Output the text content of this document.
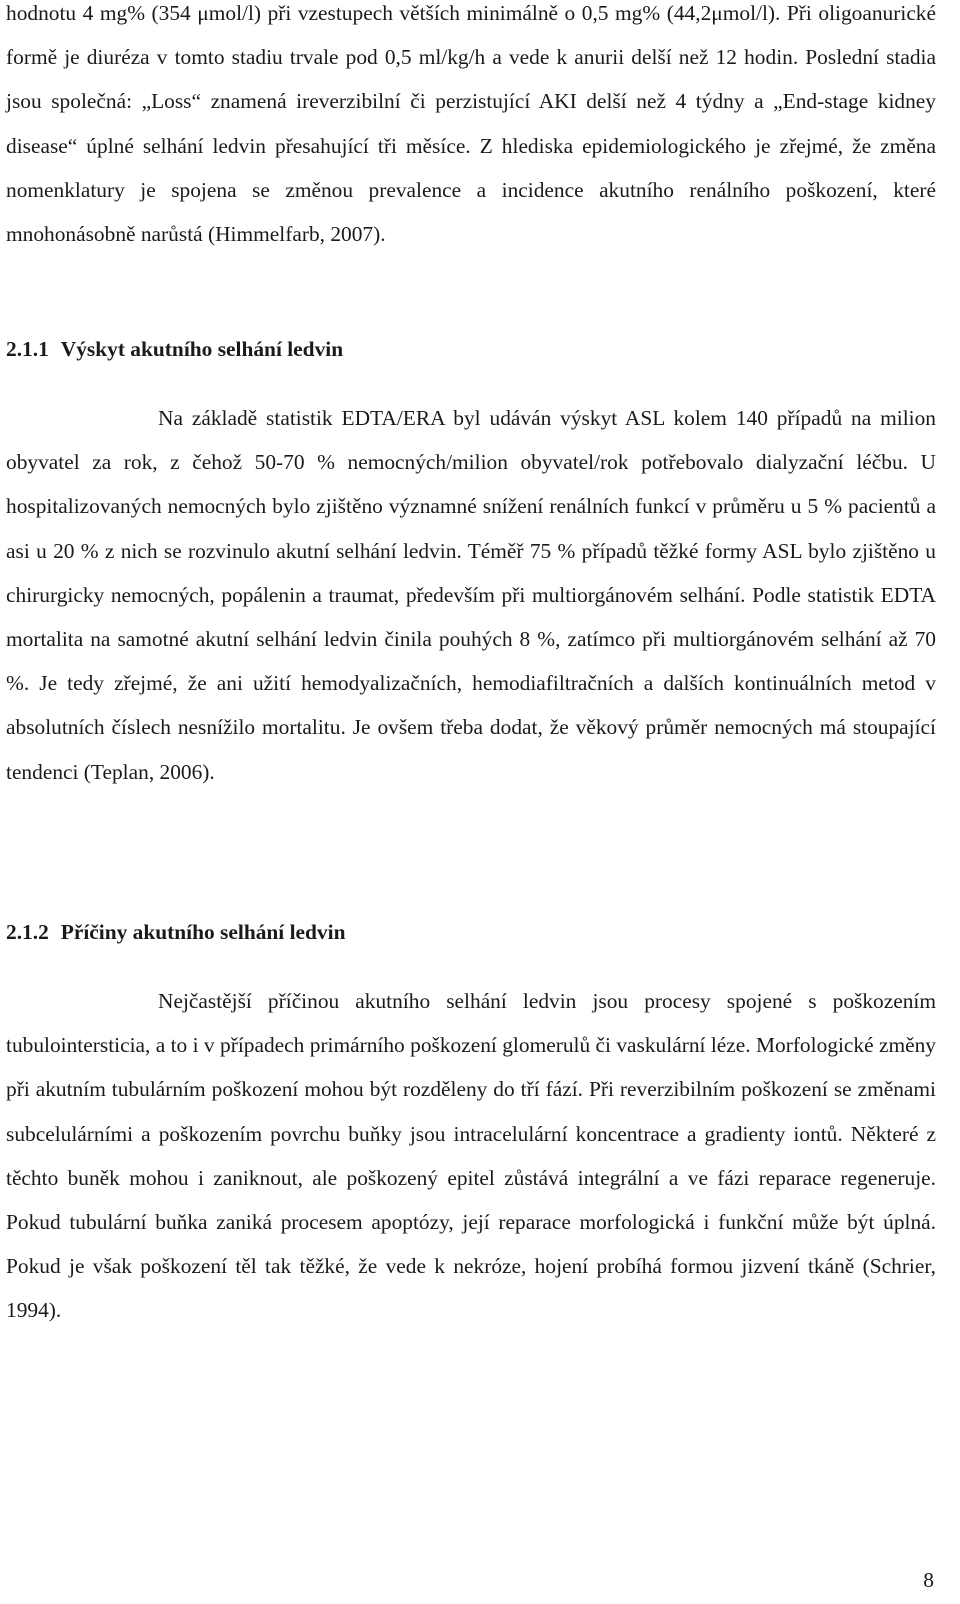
hodnotu 4 mg% (354 μmol/l) při vzestupech větších minimálně o 0,5 mg% (44,2μmol/l). Při oligoanurické formě je diuréza v tomto stadiu trvale pod 0,5 ml/kg/h a vede k anurii delší než 12 hodin. Poslední stadia jsou společná: „Loss“ znamená ireverzibilní či perzistující AKI delší než 4 týdny a „End-stage kidney disease“ úplné selhání ledvin přesahující tři měsíce. Z hlediska epidemiologického je zřejmé, že změna nomenklatury je spojena se změnou prevalence a incidence akutního renálního poškození, které mnohonásobně narůstá (Himmelfarb, 2007).

2.1.1 Výskyt akutního selhání ledvin

Na základě statistik EDTA/ERA byl udáván výskyt ASL kolem 140 případů na milion obyvatel za rok, z čehož 50-70 % nemocných/milion obyvatel/rok potřebovalo dialyzační léčbu. U hospitalizovaných nemocných bylo zjištěno významné snížení renálních funkcí v průměru u 5 % pacientů a asi u 20 % z nich se rozvinulo akutní selhání ledvin. Téměř 75 % případů těžké formy ASL bylo zjištěno u chirurgicky nemocných, popálenin a traumat, především při multiorgánovém selhání. Podle statistik EDTA mortalita na samotné akutní selhání ledvin činila pouhých 8 %, zatímco při multiorgánovém selhání až 70 %. Je tedy zřejmé, že ani užití hemodyalizačních, hemodiafiltračních a dalších kontinuálních metod v absolutních číslech nesnížilo mortalitu. Je ovšem třeba dodat, že věkový průměr nemocných má stoupající tendenci (Teplan, 2006).

2.1.2 Příčiny akutního selhání ledvin

Nejčastější příčinou akutního selhání ledvin jsou procesy spojené s poškozením tubulointersticia, a to i v případech primárního poškození glomerulů či vaskulární léze. Morfologické změny při akutním tubulárním poškození mohou být rozděleny do tří fází. Při reverzibilním poškození se změnami subcelulárními a poškozením povrchu buňky jsou intracelulární koncentrace a gradienty iontů. Některé z těchto buněk mohou i zaniknout, ale poškozený epitel zůstává integrální a ve fázi reparace regeneruje. Pokud tubulární buňka zaniká procesem apoptózy, její reparace morfologická i funkční může být úplná. Pokud je však poškození těl tak těžké, že vede k nekróze, hojení probíhá formou jizvení tkáně (Schrier, 1994).

8
